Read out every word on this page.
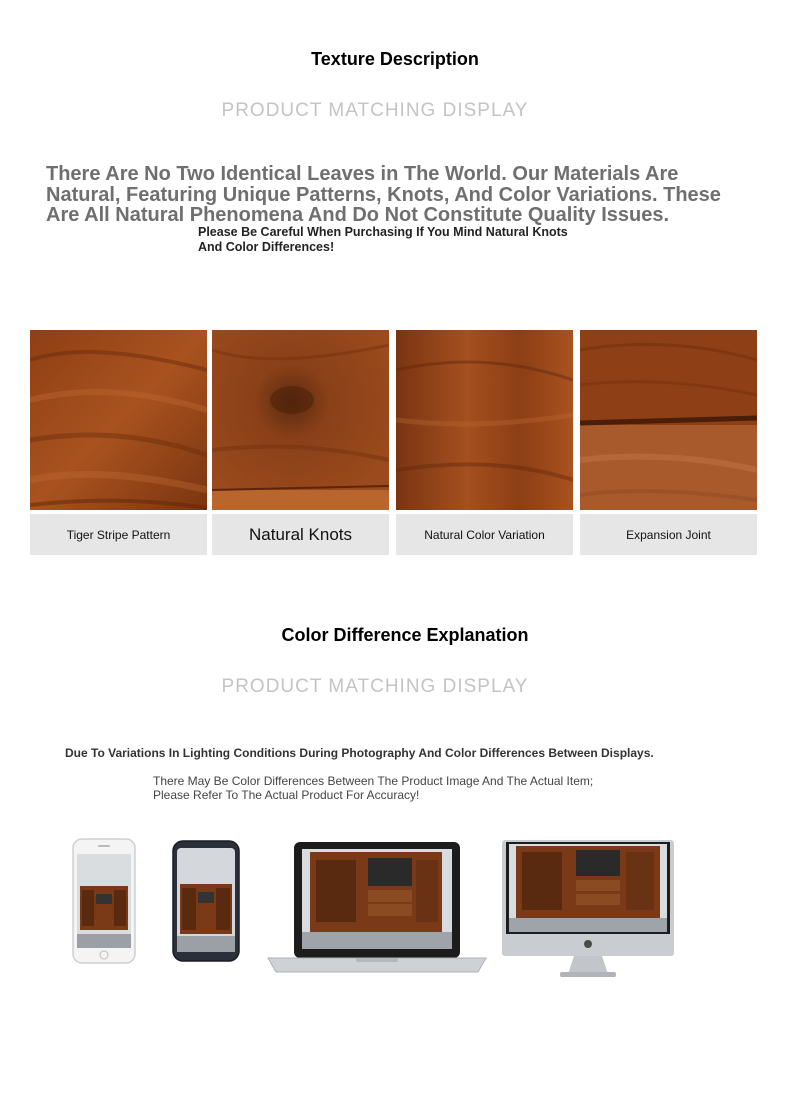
Texture Description
PRODUCT MATCHING DISPLAY
There Are No Two Identical Leaves in The World. Our Materials Are Natural, Featuring Unique Patterns, Knots, And Color Variations. These Are All Natural Phenomena And Do Not Constitute Quality Issues.
Please Be Careful When Purchasing If You Mind Natural Knots
And Color Differences!
Tiger Stripe Pattern	Natural Knots	Natural Color Variation	Expansion Joint
Color Difference Explanation
PRODUCT MATCHING DISPLAY
Due To Variations In Lighting Conditions During Photography And Color Differences Between Displays.
There May Be Color Differences Between The Product Image And The Actual Item;
Please Refer To The Actual Product For Accuracy!
